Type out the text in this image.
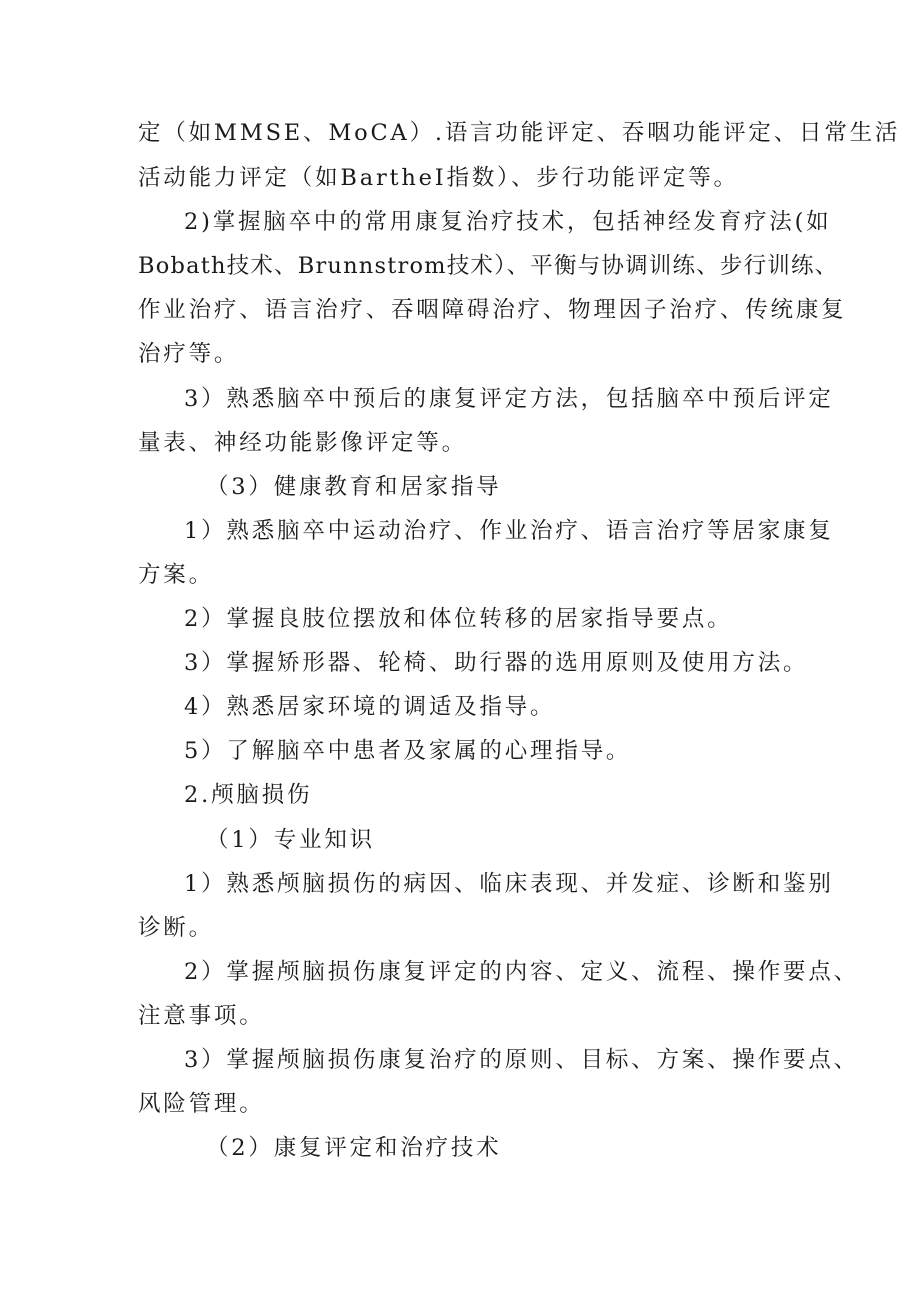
定（如MMSE、MoCA）.语言功能评定、吞咽功能评定、日常生活
活动能力评定（如BartheI指数）、步行功能评定等。
2)掌握脑卒中的常用康复治疗技术，包括神经发育疗法(如
Bobath技术、Brunnstrom技术）、平衡与协调训练、步行训练、
作业治疗、语言治疗、吞咽障碍治疗、物理因子治疗、传统康复
治疗等。
3）熟悉脑卒中预后的康复评定方法，包括脑卒中预后评定
量表、神经功能影像评定等。
（3）健康教育和居家指导
1）熟悉脑卒中运动治疗、作业治疗、语言治疗等居家康复
方案。
2）掌握良肢位摆放和体位转移的居家指导要点。
3）掌握矫形器、轮椅、助行器的选用原则及使用方法。
4）熟悉居家环境的调适及指导。
5）了解脑卒中患者及家属的心理指导。
2.颅脑损伤
（1）专业知识
1）熟悉颅脑损伤的病因、临床表现、并发症、诊断和鉴别
诊断。
2）掌握颅脑损伤康复评定的内容、定义、流程、操作要点、
注意事项。
3）掌握颅脑损伤康复治疗的原则、目标、方案、操作要点、
风险管理。
（2）康复评定和治疗技术
